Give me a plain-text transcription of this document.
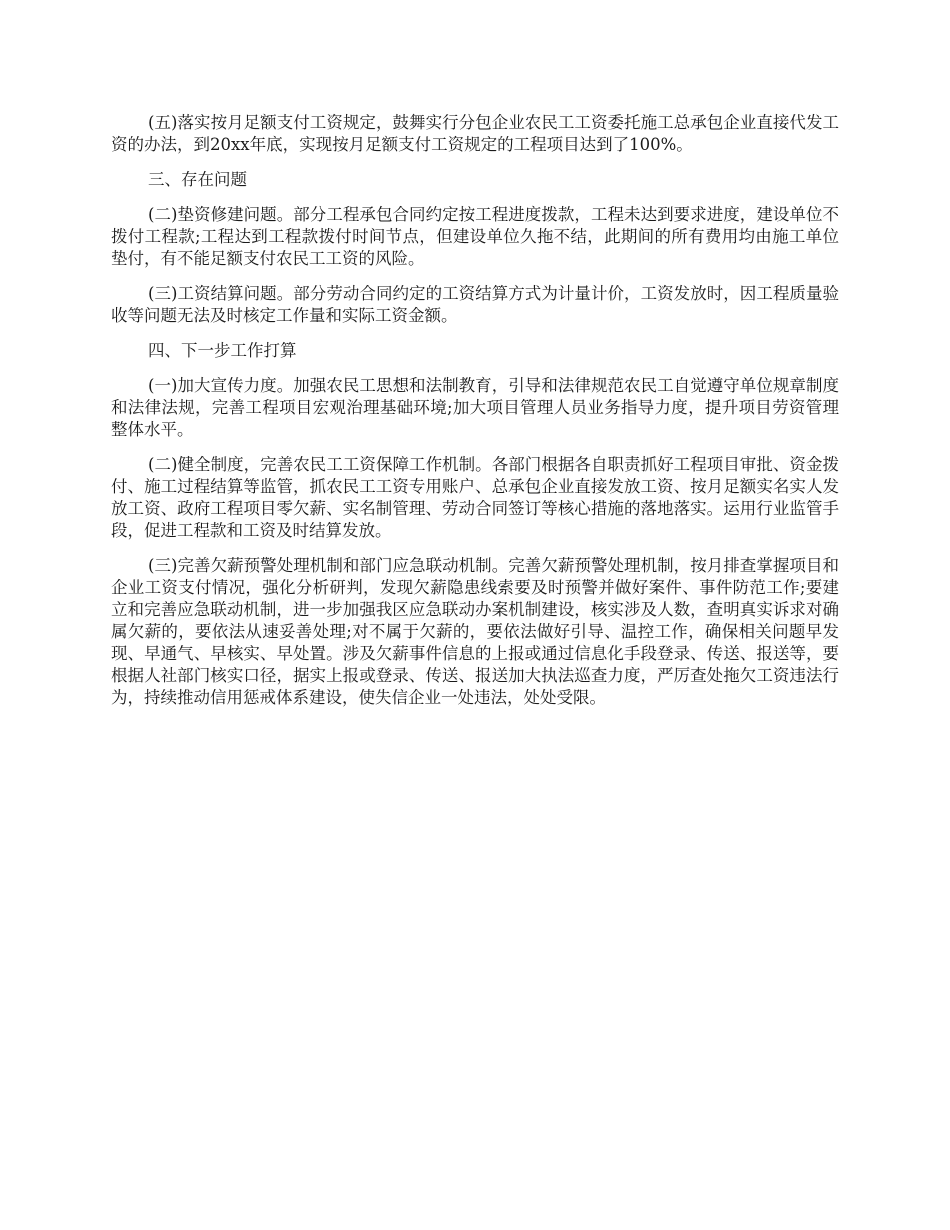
(五)落实按月足额支付工资规定，鼓舞实行分包企业农民工工资委托施工总承包企业直接代发工资的办法，到20xx年底，实现按月足额支付工资规定的工程项目达到了100%。

三、存在问题

(二)垫资修建问题。部分工程承包合同约定按工程进度拨款，工程未达到要求进度，建设单位不拨付工程款;工程达到工程款拨付时间节点，但建设单位久拖不结，此期间的所有费用均由施工单位垫付，有不能足额支付农民工工资的风险。

(三)工资结算问题。部分劳动合同约定的工资结算方式为计量计价，工资发放时，因工程质量验收等问题无法及时核定工作量和实际工资金额。

四、下一步工作打算

(一)加大宣传力度。加强农民工思想和法制教育，引导和法律规范农民工自觉遵守单位规章制度和法律法规，完善工程项目宏观治理基础环境;加大项目管理人员业务指导力度，提升项目劳资管理整体水平。

(二)健全制度，完善农民工工资保障工作机制。各部门根据各自职责抓好工程项目审批、资金拨付、施工过程结算等监管，抓农民工工资专用账户、总承包企业直接发放工资、按月足额实名实人发放工资、政府工程项目零欠薪、实名制管理、劳动合同签订等核心措施的落地落实。运用行业监管手段，促进工程款和工资及时结算发放。

(三)完善欠薪预警处理机制和部门应急联动机制。完善欠薪预警处理机制，按月排查掌握项目和企业工资支付情况，强化分析研判，发现欠薪隐患线索要及时预警并做好案件、事件防范工作;要建立和完善应急联动机制，进一步加强我区应急联动办案机制建设，核实涉及人数，查明真实诉求对确属欠薪的，要依法从速妥善处理;对不属于欠薪的，要依法做好引导、温控工作，确保相关问题早发现、早通气、早核实、早处置。涉及欠薪事件信息的上报或通过信息化手段登录、传送、报送等，要根据人社部门核实口径，据实上报或登录、传送、报送加大执法巡查力度，严厉查处拖欠工资违法行为，持续推动信用惩戒体系建设，使失信企业一处违法，处处受限。
